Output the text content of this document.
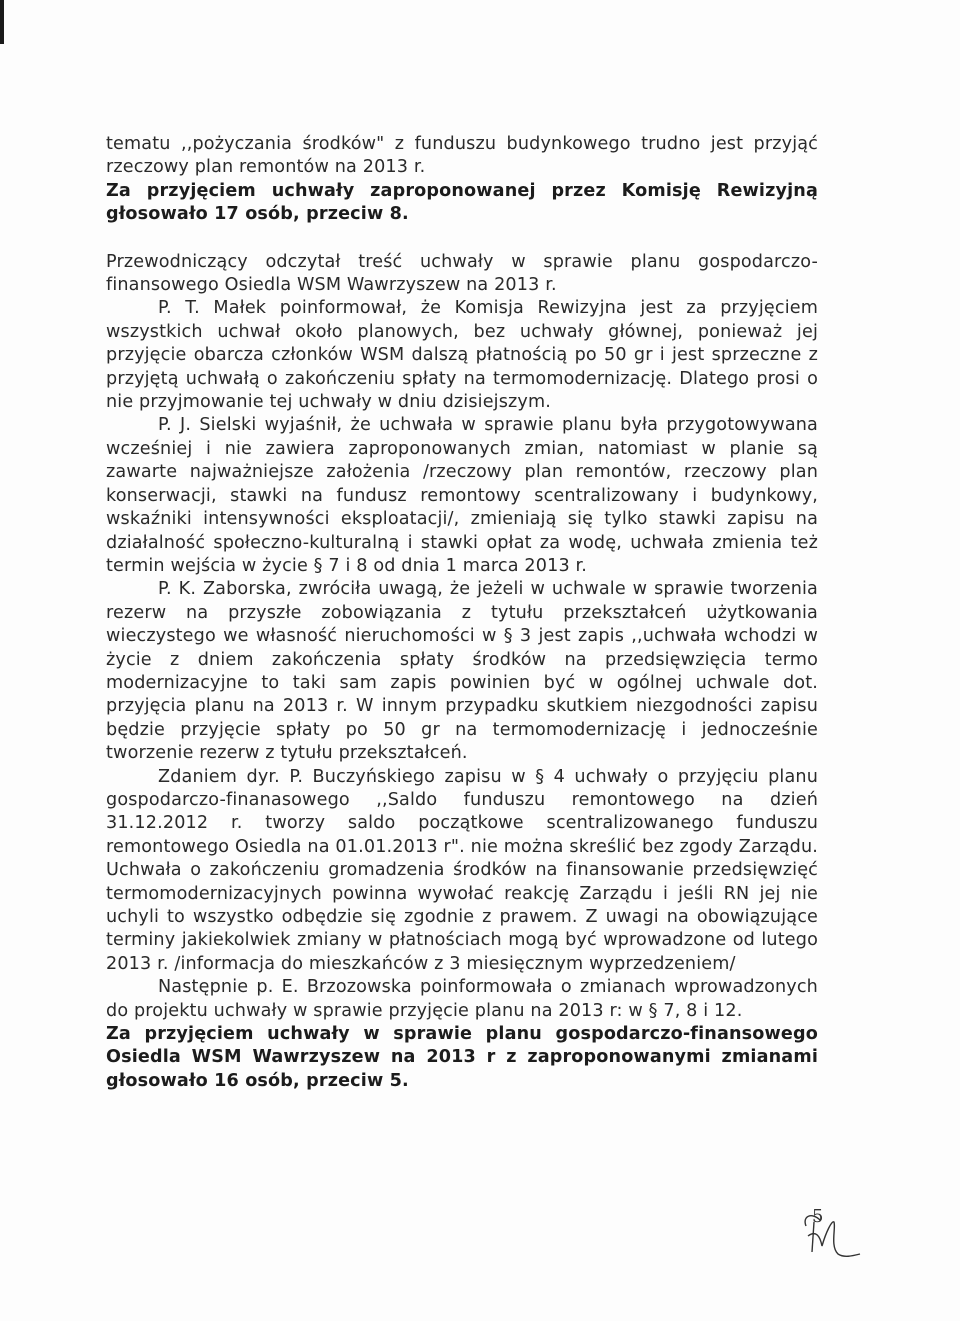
tematu ,,pożyczania środków" z funduszu budynkowego trudno jest przyjąć rzeczowy plan remontów na 2013 r.

Za przyjęciem uchwały zaproponowanej przez Komisję Rewizyjną głosowało 17 osób, przeciw 8.

Przewodniczący odczytał treść uchwały w sprawie planu gospodarczo-finansowego Osiedla WSM Wawrzyszew na 2013 r.

P. T. Małek poinformował, że Komisja Rewizyjna jest za przyjęciem wszystkich uchwał około planowych, bez uchwały głównej, ponieważ jej przyjęcie obarcza członków WSM dalszą płatnością po 50 gr i jest sprzeczne z przyjętą uchwałą o zakończeniu spłaty na termomodernizację. Dlatego prosi o nie przyjmowanie tej uchwały w dniu dzisiejszym.

P. J. Sielski wyjaśnił, że uchwała w sprawie planu była przygotowywana wcześniej i nie zawiera zaproponowanych zmian, natomiast w planie są zawarte najważniejsze założenia /rzeczowy plan remontów, rzeczowy plan konserwacji, stawki na fundusz remontowy scentralizowany i budynkowy, wskaźniki intensywności eksploatacji/, zmieniają się tylko stawki zapisu na działalność społeczno-kulturalną i stawki opłat za wodę, uchwała zmienia też termin wejścia w życie § 7 i 8 od dnia 1 marca 2013 r.

P. K. Zaborska, zwróciła uwagą, że jeżeli w uchwale w sprawie tworzenia rezerw na przyszłe zobowiązania z tytułu przekształceń użytkowania wieczystego we własność nieruchomości w § 3 jest zapis ,,uchwała wchodzi w życie z dniem zakończenia spłaty środków na przedsięwzięcia termo modernizacyjne to taki sam zapis powinien być w ogólnej uchwale dot. przyjęcia planu na 2013 r. W innym przypadku skutkiem niezgodności zapisu będzie przyjęcie spłaty po 50 gr na termomodernizację i jednocześnie tworzenie rezerw z tytułu przekształceń.

Zdaniem dyr. P. Buczyńskiego zapisu w § 4 uchwały o przyjęciu planu gospodarczo-finanasowego ,,Saldo funduszu remontowego na dzień 31.12.2012 r. tworzy saldo początkowe scentralizowanego funduszu remontowego Osiedla na 01.01.2013 r". nie można skreślić bez zgody Zarządu. Uchwała o zakończeniu gromadzenia środków na finansowanie przedsięwzięć termomodernizacyjnych powinna wywołać reakcję Zarządu i jeśli RN jej nie uchyli to wszystko odbędzie się zgodnie z prawem. Z uwagi na obowiązujące terminy jakiekolwiek zmiany w płatnościach mogą być wprowadzone od lutego 2013 r. /informacja do mieszkańców z 3 miesięcznym wyprzedzeniem/

Następnie p. E. Brzozowska poinformowała o zmianach wprowadzonych do projektu uchwały w sprawie przyjęcie planu na 2013 r: w § 7, 8 i 12.

Za przyjęciem uchwały w sprawie planu gospodarczo-finansowego Osiedla WSM Wawrzyszew na 2013 r z zaproponowanymi zmianami głosowało 16 osób, przeciw 5.

5
